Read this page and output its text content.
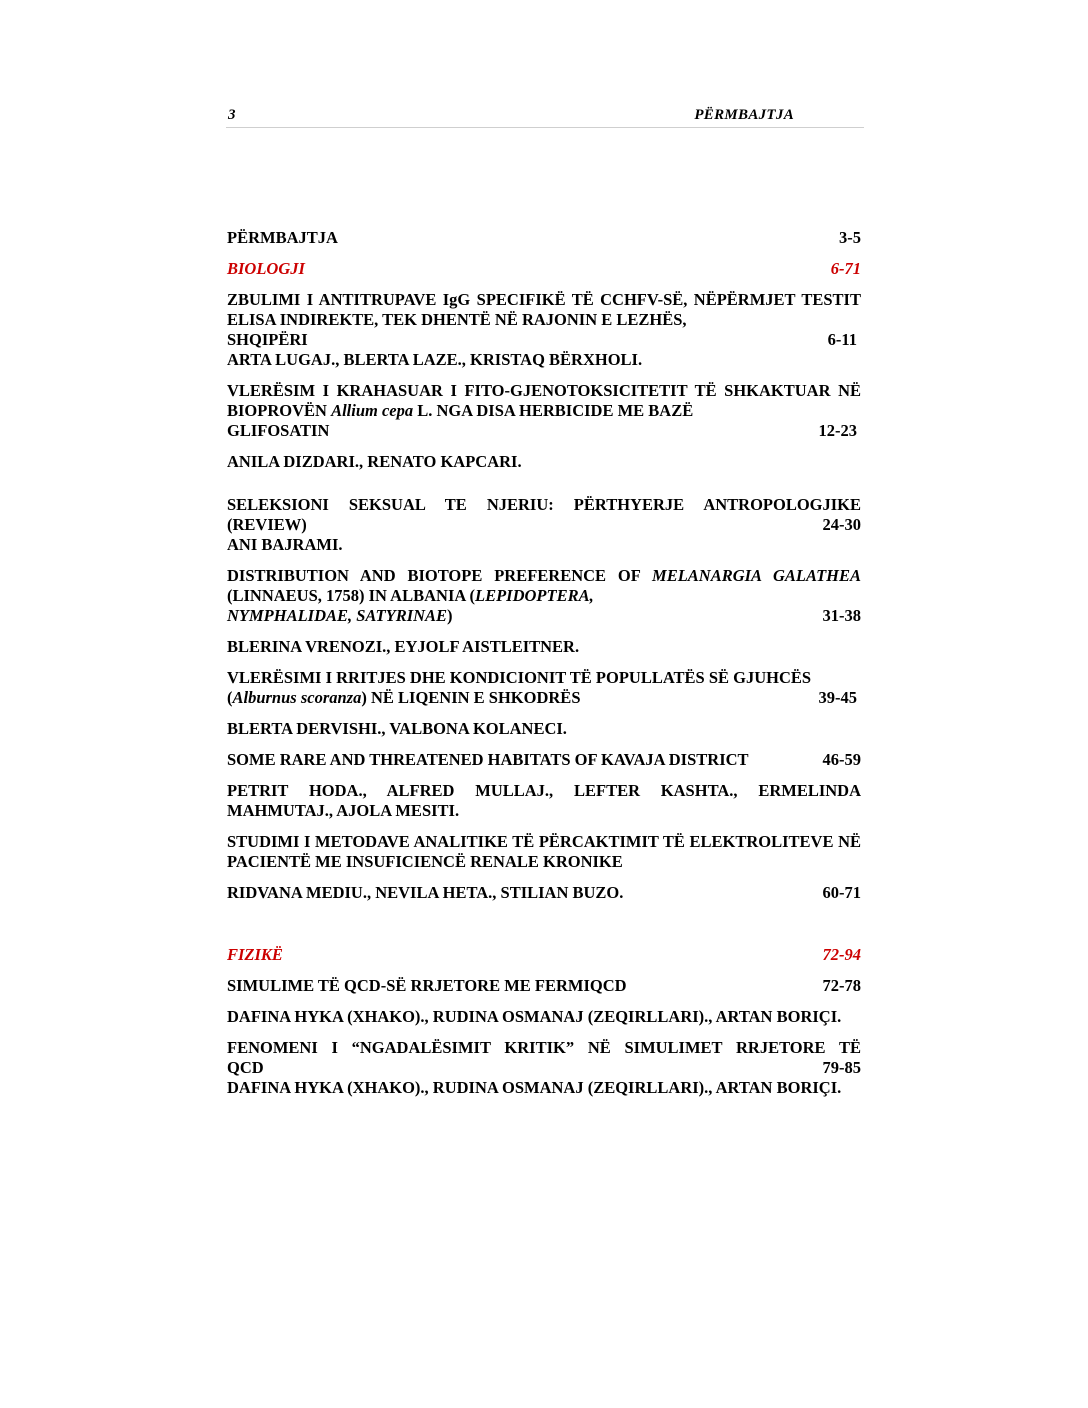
3	PËRMBAJTJA
PËRMBAJTJA	3-5
BIOLOGJI	6-71
ZBULIMI I ANTITRUPAVE IgG SPECIFIKË TË CCHFV-SË, NËPËRMJET TESTIT ELISA INDIREKTE, TEK DHENTË NË RAJONIN E LEZHËS,
SHQIPËRI	6-11
ARTA LUGAJ., BLERTA LAZE., KRISTAQ BËRXHOLI.
VLERËSIM I KRAHASUAR I FITO-GJENOTOKSICITETIT TË SHKAKTUAR NË BIOPROVËN Allium cepa L. NGA DISA HERBICIDE ME BAZË
GLIFOSATIN	12-23
ANILA DIZDARI., RENATO KAPCARI.
SELEKSIONI SEKSUAL TE NJERIU: PËRTHYERJE ANTROPOLOGJIKE
(REVIEW)	24-30
ANI BAJRAMI.
DISTRIBUTION AND BIOTOPE PREFERENCE OF MELANARGIA GALATHEA (LINNAEUS, 1758) IN ALBANIA (LEPIDOPTERA,
NYMPHALIDAE, SATYRINAE)	31-38
BLERINA VRENOZI., EYJOLF AISTLEITNER.
VLERËSIMI I RRITJES DHE KONDICIONIT TË POPULLATËS SË GJUHCËS
(Alburnus scoranza) NË LIQENIN E SHKODRËS	39-45
BLERTA DERVISHI., VALBONA KOLANECI.
SOME RARE AND THREATENED HABITATS OF KAVAJA DISTRICT	46-59
PETRIT HODA., ALFRED MULLAJ., LEFTER KASHTA., ERMELINDA MAHMUTAJ., AJOLA MESITI.
STUDIMI I METODAVE ANALITIKE TË PËRCAKTIMIT TË ELEKTROLITEVE NË PACIENTË ME INSUFICIENCË RENALE KRONIKE
RIDVANA MEDIU., NEVILA HETA., STILIAN BUZO.	60-71
FIZIKË	72-94
SIMULIME TË QCD-SË RRJETORE ME FERMIQCD	72-78
DAFINA HYKA (XHAKO)., RUDINA OSMANAJ (ZEQIRLLARI)., ARTAN BORIÇI.
FENOMENI I “NGADALËSIMIT KRITIK” NË SIMULIMET RRJETORE TË
QCD	79-85
DAFINA HYKA (XHAKO)., RUDINA OSMANAJ (ZEQIRLLARI)., ARTAN BORIÇI.
